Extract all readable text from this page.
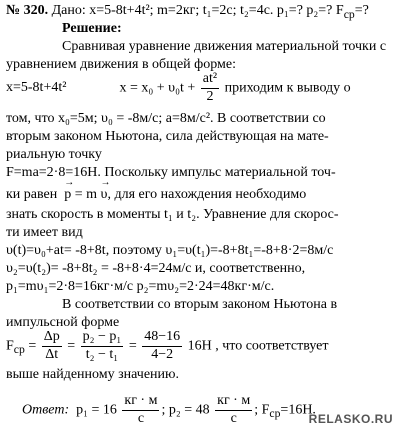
№ 320. Дано: x=5-8t+4t²; m=2кг; t₁=2с; t₂=4с. p₁=? p₂=? $F_{ср}=$?
Решение:
Сравнивая уравнение движения материальной точки с
уравнением движения в общей форме:
x=5-8t+4t²	$x = x_0 + \upsilon_0t + \frac{\text{at²}}{2}$ приходим к выводу о
том, что x₀=5м; υ₀ = -8м/с; a=8м/с². В соответствии со
вторым законом Ньютона, сила действующая на мате-
риальную точку
F=ma=2·8=16Н. Поскольку импульс материальной точ-
ки равен → p = m → υ, для его нахождения необходимо
знать скорость в моменты t₁ и t₂. Уравнение для скорос-
ти имеет вид
υ(t)=υ₀+at= -8+8t, поэтому υ₁=υ(t₁)=-8+8t₁=-8+8·2=8м/с
υ₂=υ(t₂)= -8+8t₂ = -8+8·4=24м/с и, соответственно,
p₁=mυ₁=2·8=16кг·м/с p₂=mυ₂=2·24=48кг·м/с.
В соответствии со вторым законом Ньютона в
импульсной форме
$F_{ср} = \frac{\Delta p}{\Delta t} = \frac{\text{p₂ − p₁}}{\text{t₂ − t₁}} = \frac{48-16}{4-2} 16Н$ , что соответствует
выше найденному значению.
Ответ: $p_1 = 16 \frac{кг \cdot м}{с}$ ; $p_2 = 48 \frac{кг \cdot м}{с}$ ; $F_{ср}=16Н$.
RELASKO.RU
